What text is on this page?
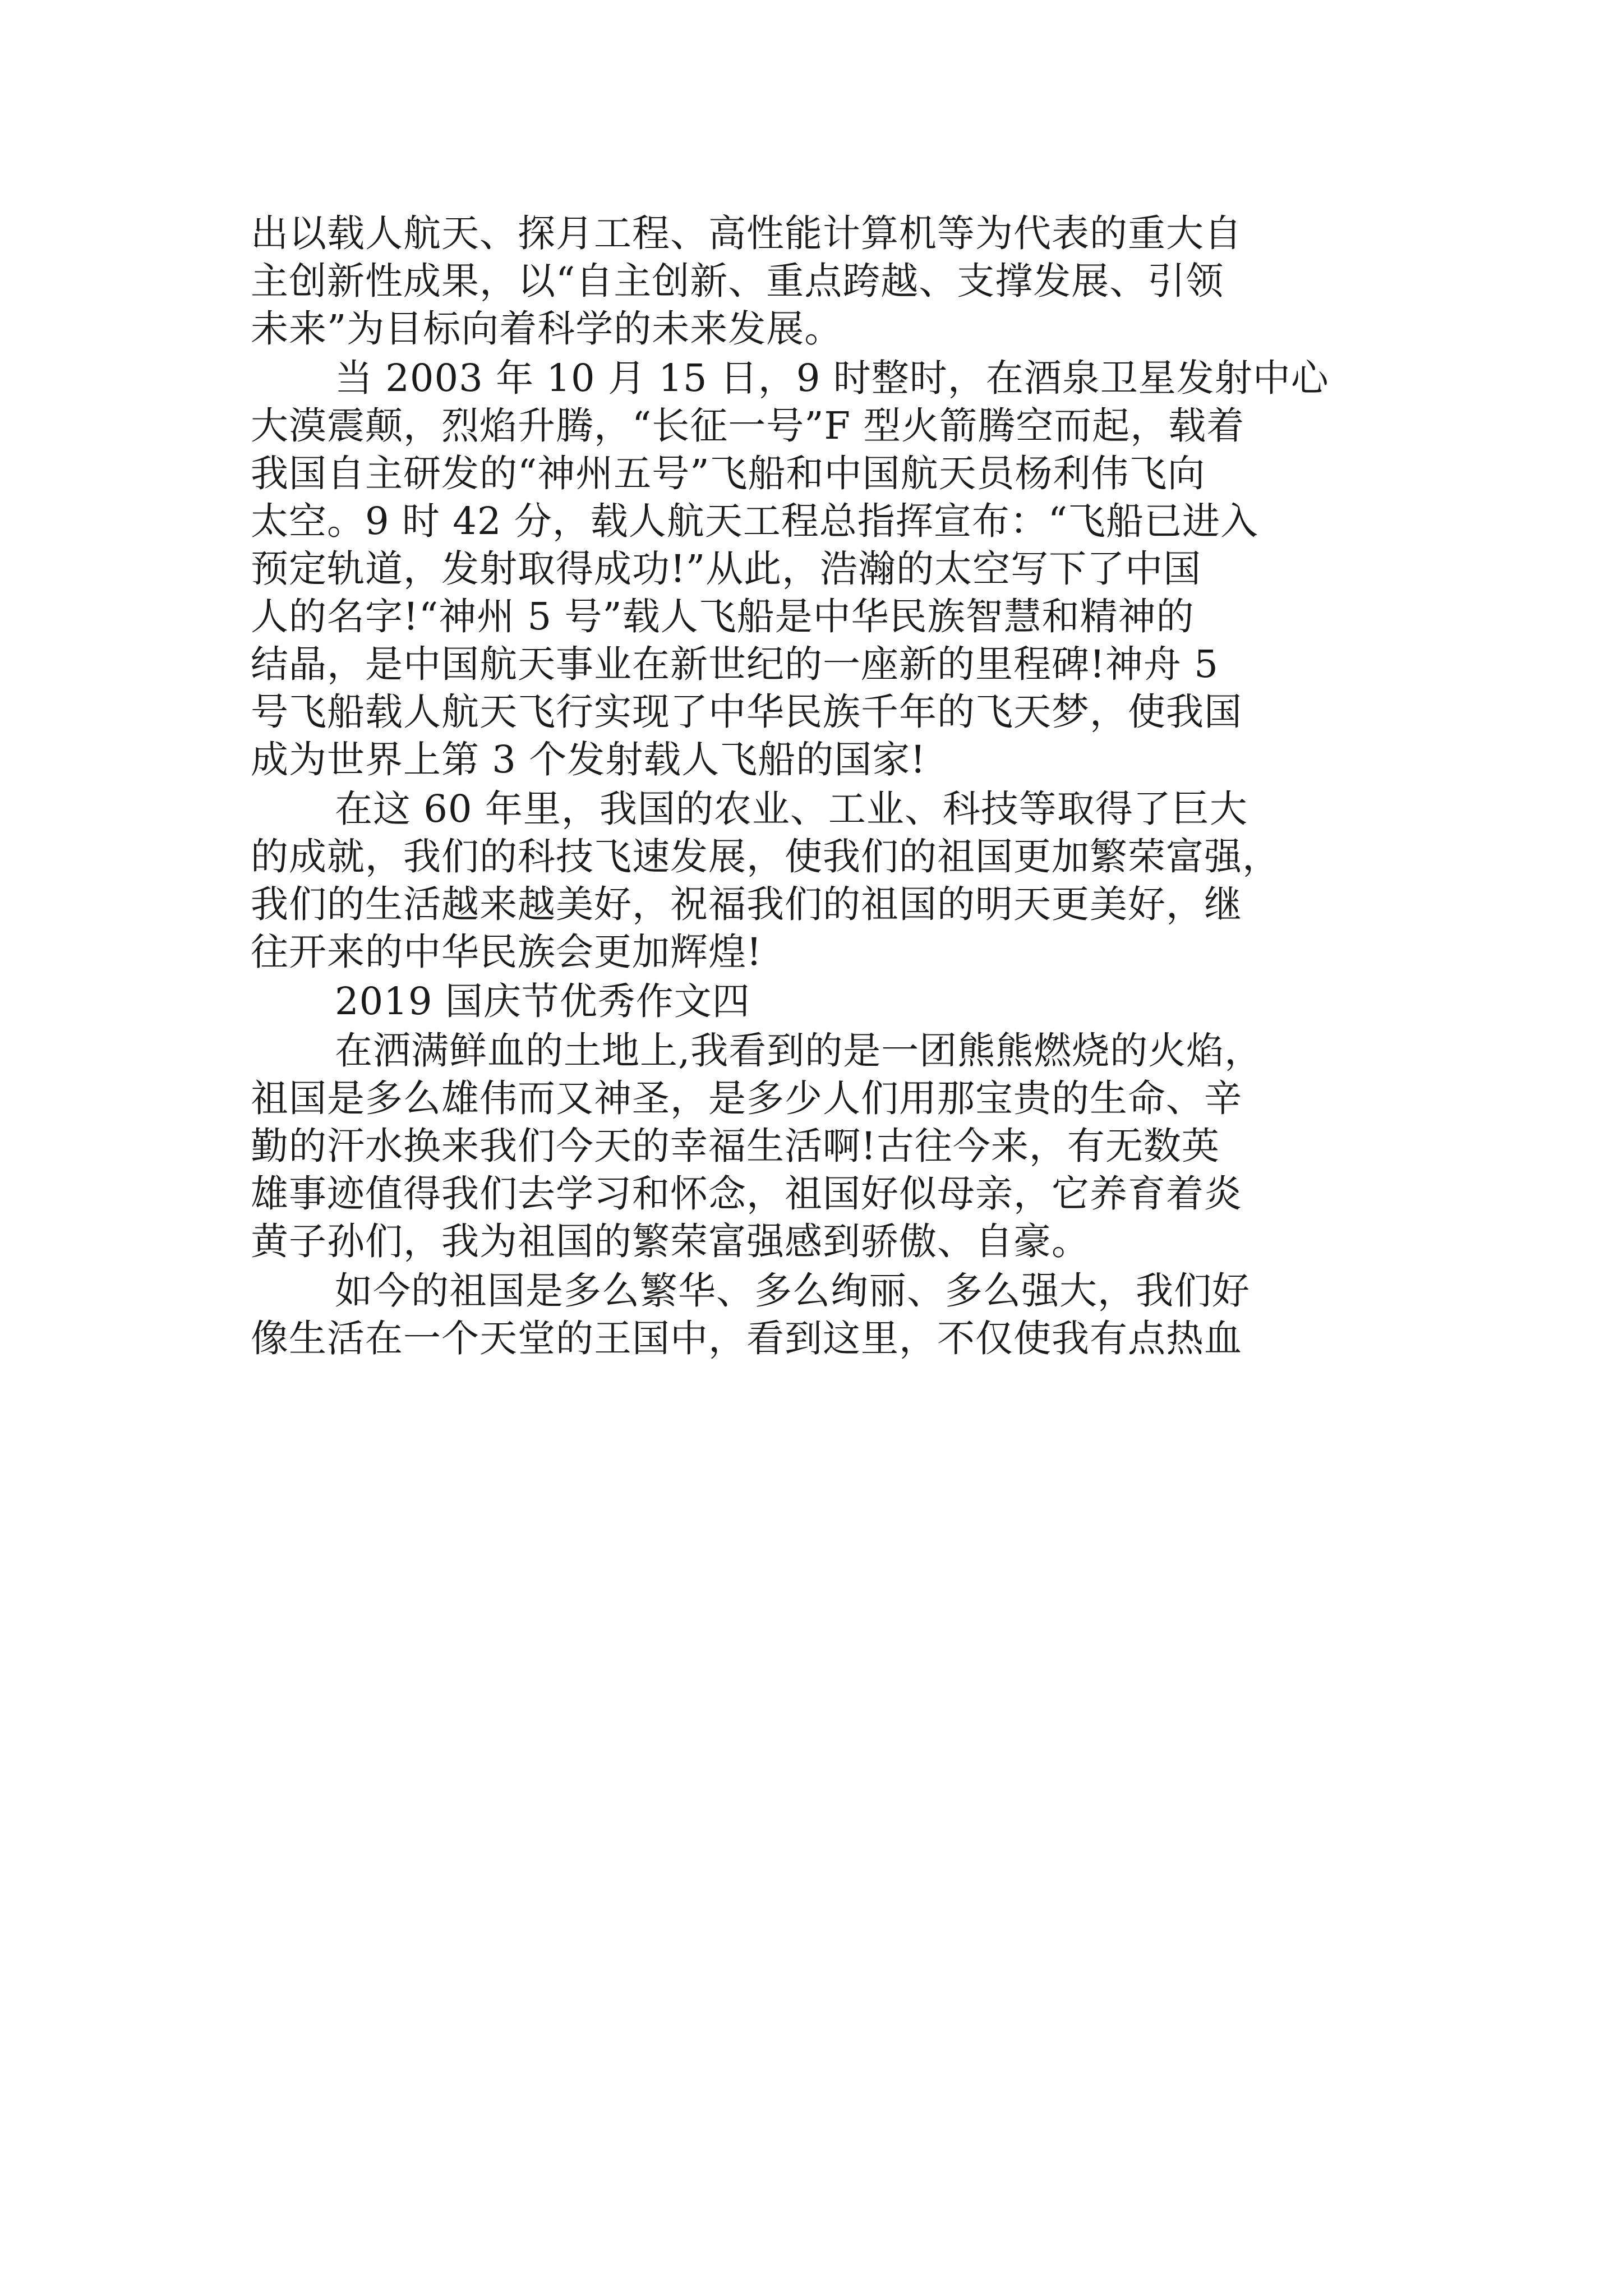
出以载人航天、探月工程、高性能计算机等为代表的重大自
主创新性成果，以“自主创新、重点跨越、支撑发展、引领
未来”为目标向着科学的未来发展。
当 2003 年 10 月 15 日，9 时整时，在酒泉卫星发射中心
大漠震颠，烈焰升腾，“长征一号”F 型火箭腾空而起，载着
我国自主研发的“神州五号”飞船和中国航天员杨利伟飞向
太空。9 时 42 分，载人航天工程总指挥宣布：“飞船已进入
预定轨道，发射取得成功!”从此，浩瀚的太空写下了中国
人的名字!“神州 5 号”载人飞船是中华民族智慧和精神的
结晶，是中国航天事业在新世纪的一座新的里程碑!神舟 5
号飞船载人航天飞行实现了中华民族千年的飞天梦，使我国
成为世界上第 3 个发射载人飞船的国家!
在这 60 年里，我国的农业、工业、科技等取得了巨大
的成就，我们的科技飞速发展，使我们的祖国更加繁荣富强，
我们的生活越来越美好，祝福我们的祖国的明天更美好，继
往开来的中华民族会更加辉煌!
2019 国庆节优秀作文四
在洒满鲜血的土地上,我看到的是一团熊熊燃烧的火焰，
祖国是多么雄伟而又神圣，是多少人们用那宝贵的生命、辛
勤的汗水换来我们今天的幸福生活啊!古往今来，有无数英
雄事迹值得我们去学习和怀念，祖国好似母亲，它养育着炎
黄子孙们，我为祖国的繁荣富强感到骄傲、自豪。
如今的祖国是多么繁华、多么绚丽、多么强大，我们好
像生活在一个天堂的王国中，看到这里，不仅使我有点热血
